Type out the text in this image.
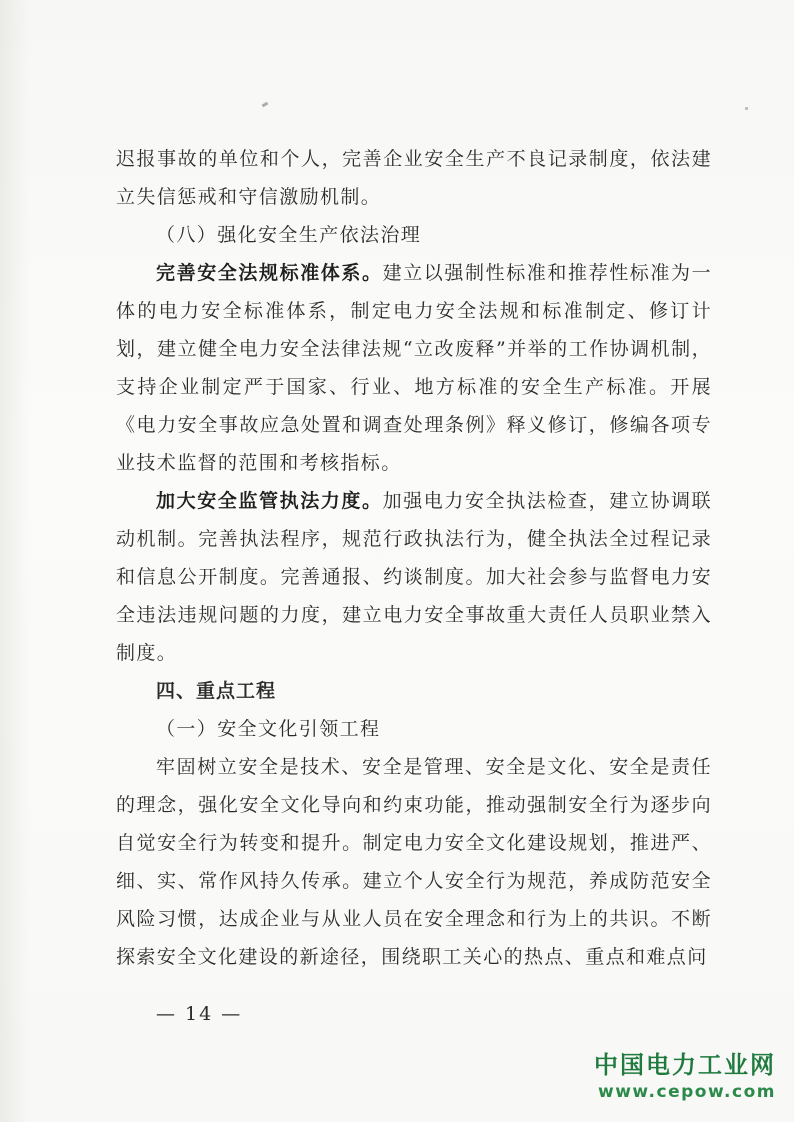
迟报事故的单位和个人，完善企业安全生产不良记录制度，依法建立失信惩戒和守信激励机制。

（八）强化安全生产依法治理

完善安全法规标准体系。建立以强制性标准和推荐性标准为一体的电力安全标准体系，制定电力安全法规和标准制定、修订计划，建立健全电力安全法律法规“立改废释”并举的工作协调机制，支持企业制定严于国家、行业、地方标准的安全生产标准。开展《电力安全事故应急处置和调查处理条例》释义修订，修编各项专业技术监督的范围和考核指标。

加大安全监管执法力度。加强电力安全执法检查，建立协调联动机制。完善执法程序，规范行政执法行为，健全执法全过程记录和信息公开制度。完善通报、约谈制度。加大社会参与监督电力安全违法违规问题的力度，建立电力安全事故重大责任人员职业禁入制度。

四、重点工程

（一）安全文化引领工程

牢固树立安全是技术、安全是管理、安全是文化、安全是责任的理念，强化安全文化导向和约束功能，推动强制安全行为逐步向自觉安全行为转变和提升。制定电力安全文化建设规划，推进严、细、实、常作风持久传承。建立个人安全行为规范，养成防范安全风险习惯，达成企业与从业人员在安全理念和行为上的共识。不断探索安全文化建设的新途径，围绕职工关心的热点、重点和难点问

— 14 —
中国电力工业网
www.cepow.com
